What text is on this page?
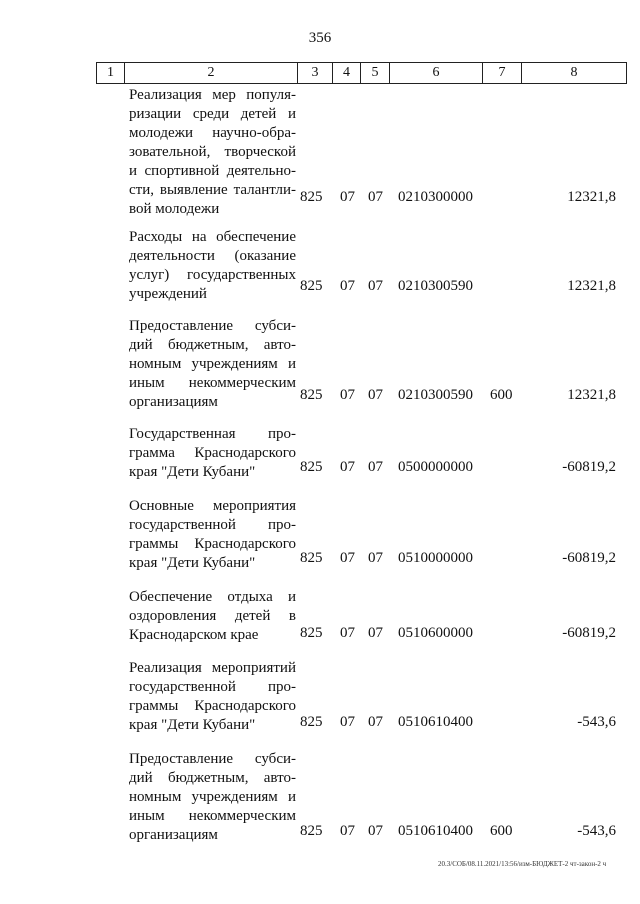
356
1	2	3	4	5	6	7	8
Реализация мер популя-
ризации среди детей и
молодежи научно-обра-
зовательной, творческой
и спортивной деятельно-
сти, выявление талантли-
вой молодежи
825 07 07 0210300000	12321,8
Расходы на обеспечение
деятельности (оказание
услуг) государственных
учреждений	825 07 07 0210300590	12321,8
Предоставление субси-
дий бюджетным, авто-
номным учреждениям и
иным некоммерческим
организациям	825 07 07 0210300590 600	12321,8
Государственная про-
грамма Краснодарского
края "Дети Кубани"	825 07 07 0500000000	-60819,2
Основные мероприятия
государственной про-
граммы Краснодарского
края "Дети Кубани"	825 07 07 0510000000	-60819,2
Обеспечение отдыха и
оздоровления детей в
Краснодарском крае	825 07 07 0510600000	-60819,2
Реализация мероприятий
государственной про-
граммы Краснодарского
края "Дети Кубани"	825 07 07 0510610400	-543,6
Предоставление субси-
дий бюджетным, авто-
номным учреждениям и
иным некоммерческим
организациям	825 07 07 0510610400 600	-543,6
20.3/СОБ/08.11.2021/13:56/изм-БЮДЖЕТ-2 чт-закон-2 ч
